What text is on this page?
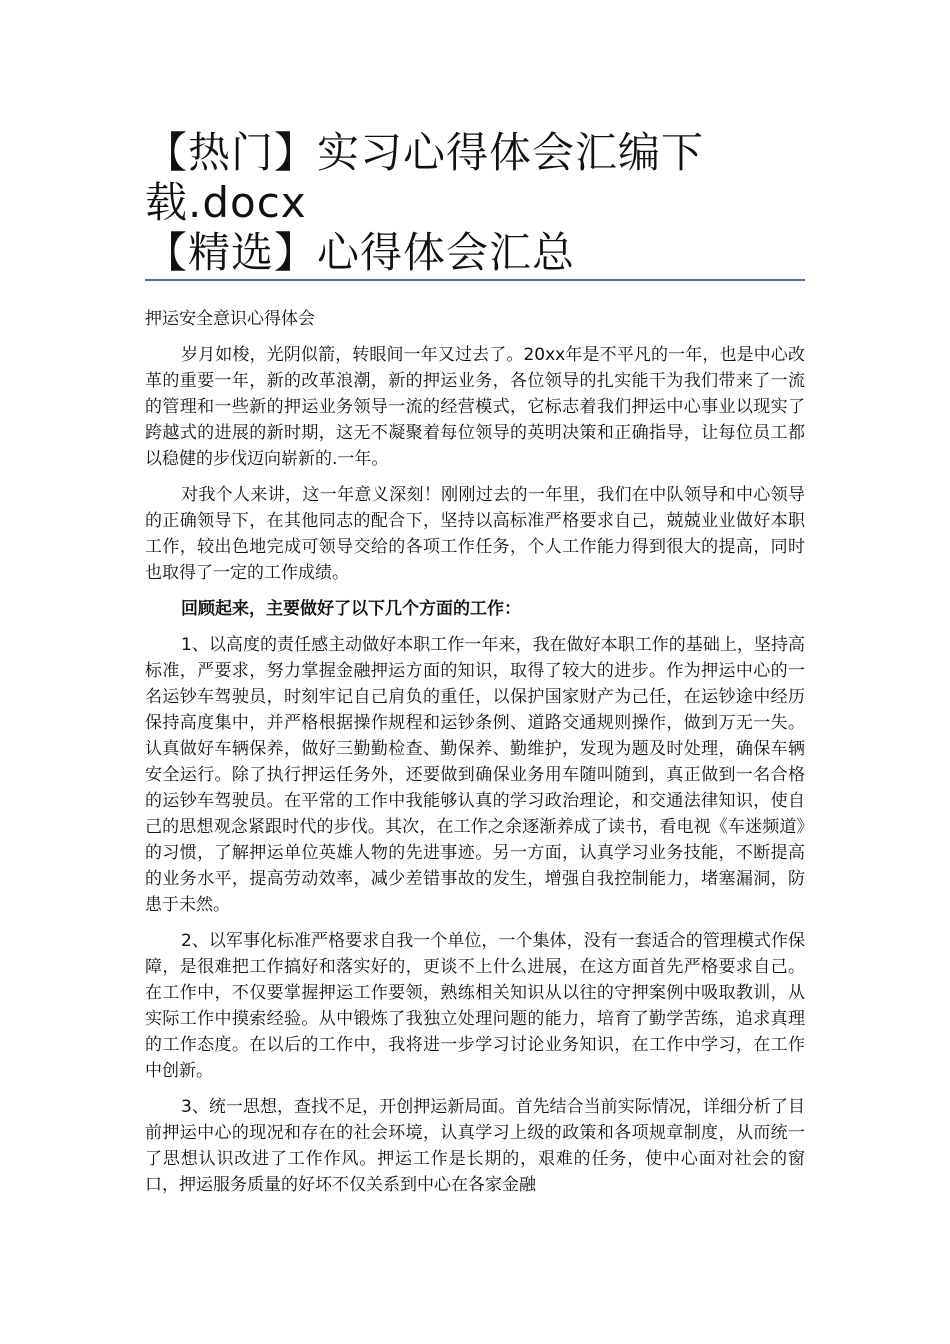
【热门】实习心得体会汇编下
载.docx
【精选】心得体会汇总

押运安全意识心得体会

岁月如梭，光阴似箭，转眼间一年又过去了。20xx年是不平凡的一年，也是中心改革的重要一年，新的改革浪潮，新的押运业务，各位领导的扎实能干为我们带来了一流的管理和一些新的押运业务领导一流的经营模式，它标志着我们押运中心事业以现实了跨越式的进展的新时期，这无不凝聚着每位领导的英明决策和正确指导，让每位员工都以稳健的步伐迈向崭新的.一年。

对我个人来讲，这一年意义深刻！刚刚过去的一年里，我们在中队领导和中心领导的正确领导下，在其他同志的配合下，坚持以高标准严格要求自己，兢兢业业做好本职工作，较出色地完成可领导交给的各项工作任务，个人工作能力得到很大的提高，同时也取得了一定的工作成绩。

回顾起来，主要做好了以下几个方面的工作：

1、以高度的责任感主动做好本职工作一年来，我在做好本职工作的基础上，坚持高标准，严要求，努力掌握金融押运方面的知识，取得了较大的进步。作为押运中心的一名运钞车驾驶员，时刻牢记自己肩负的重任，以保护国家财产为己任，在运钞途中经历保持高度集中，并严格根据操作规程和运钞条例、道路交通规则操作，做到万无一失。认真做好车辆保养，做好三勤勤检查、勤保养、勤维护，发现为题及时处理，确保车辆安全运行。除了执行押运任务外，还要做到确保业务用车随叫随到，真正做到一名合格的运钞车驾驶员。在平常的工作中我能够认真的学习政治理论，和交通法律知识，使自己的思想观念紧跟时代的步伐。其次，在工作之余逐渐养成了读书，看电视《车迷频道》的习惯，了解押运单位英雄人物的先进事迹。另一方面，认真学习业务技能，不断提高的业务水平，提高劳动效率，减少差错事故的发生，增强自我控制能力，堵塞漏洞，防患于未然。

2、以军事化标准严格要求自我一个单位，一个集体，没有一套适合的管理模式作保障，是很难把工作搞好和落实好的，更谈不上什么进展，在这方面首先严格要求自己。在工作中，不仅要掌握押运工作要领，熟练相关知识从以往的守押案例中吸取教训，从实际工作中摸索经验。从中锻炼了我独立处理问题的能力，培育了勤学苦练，追求真理的工作态度。在以后的工作中，我将进一步学习讨论业务知识，在工作中学习，在工作中创新。

3、统一思想，查找不足，开创押运新局面。首先结合当前实际情况，详细分析了目前押运中心的现况和存在的社会环境，认真学习上级的政策和各项规章制度，从而统一了思想认识改进了工作作风。押运工作是长期的，艰难的任务，使中心面对社会的窗口，押运服务质量的好坏不仅关系到中心在各家金融
